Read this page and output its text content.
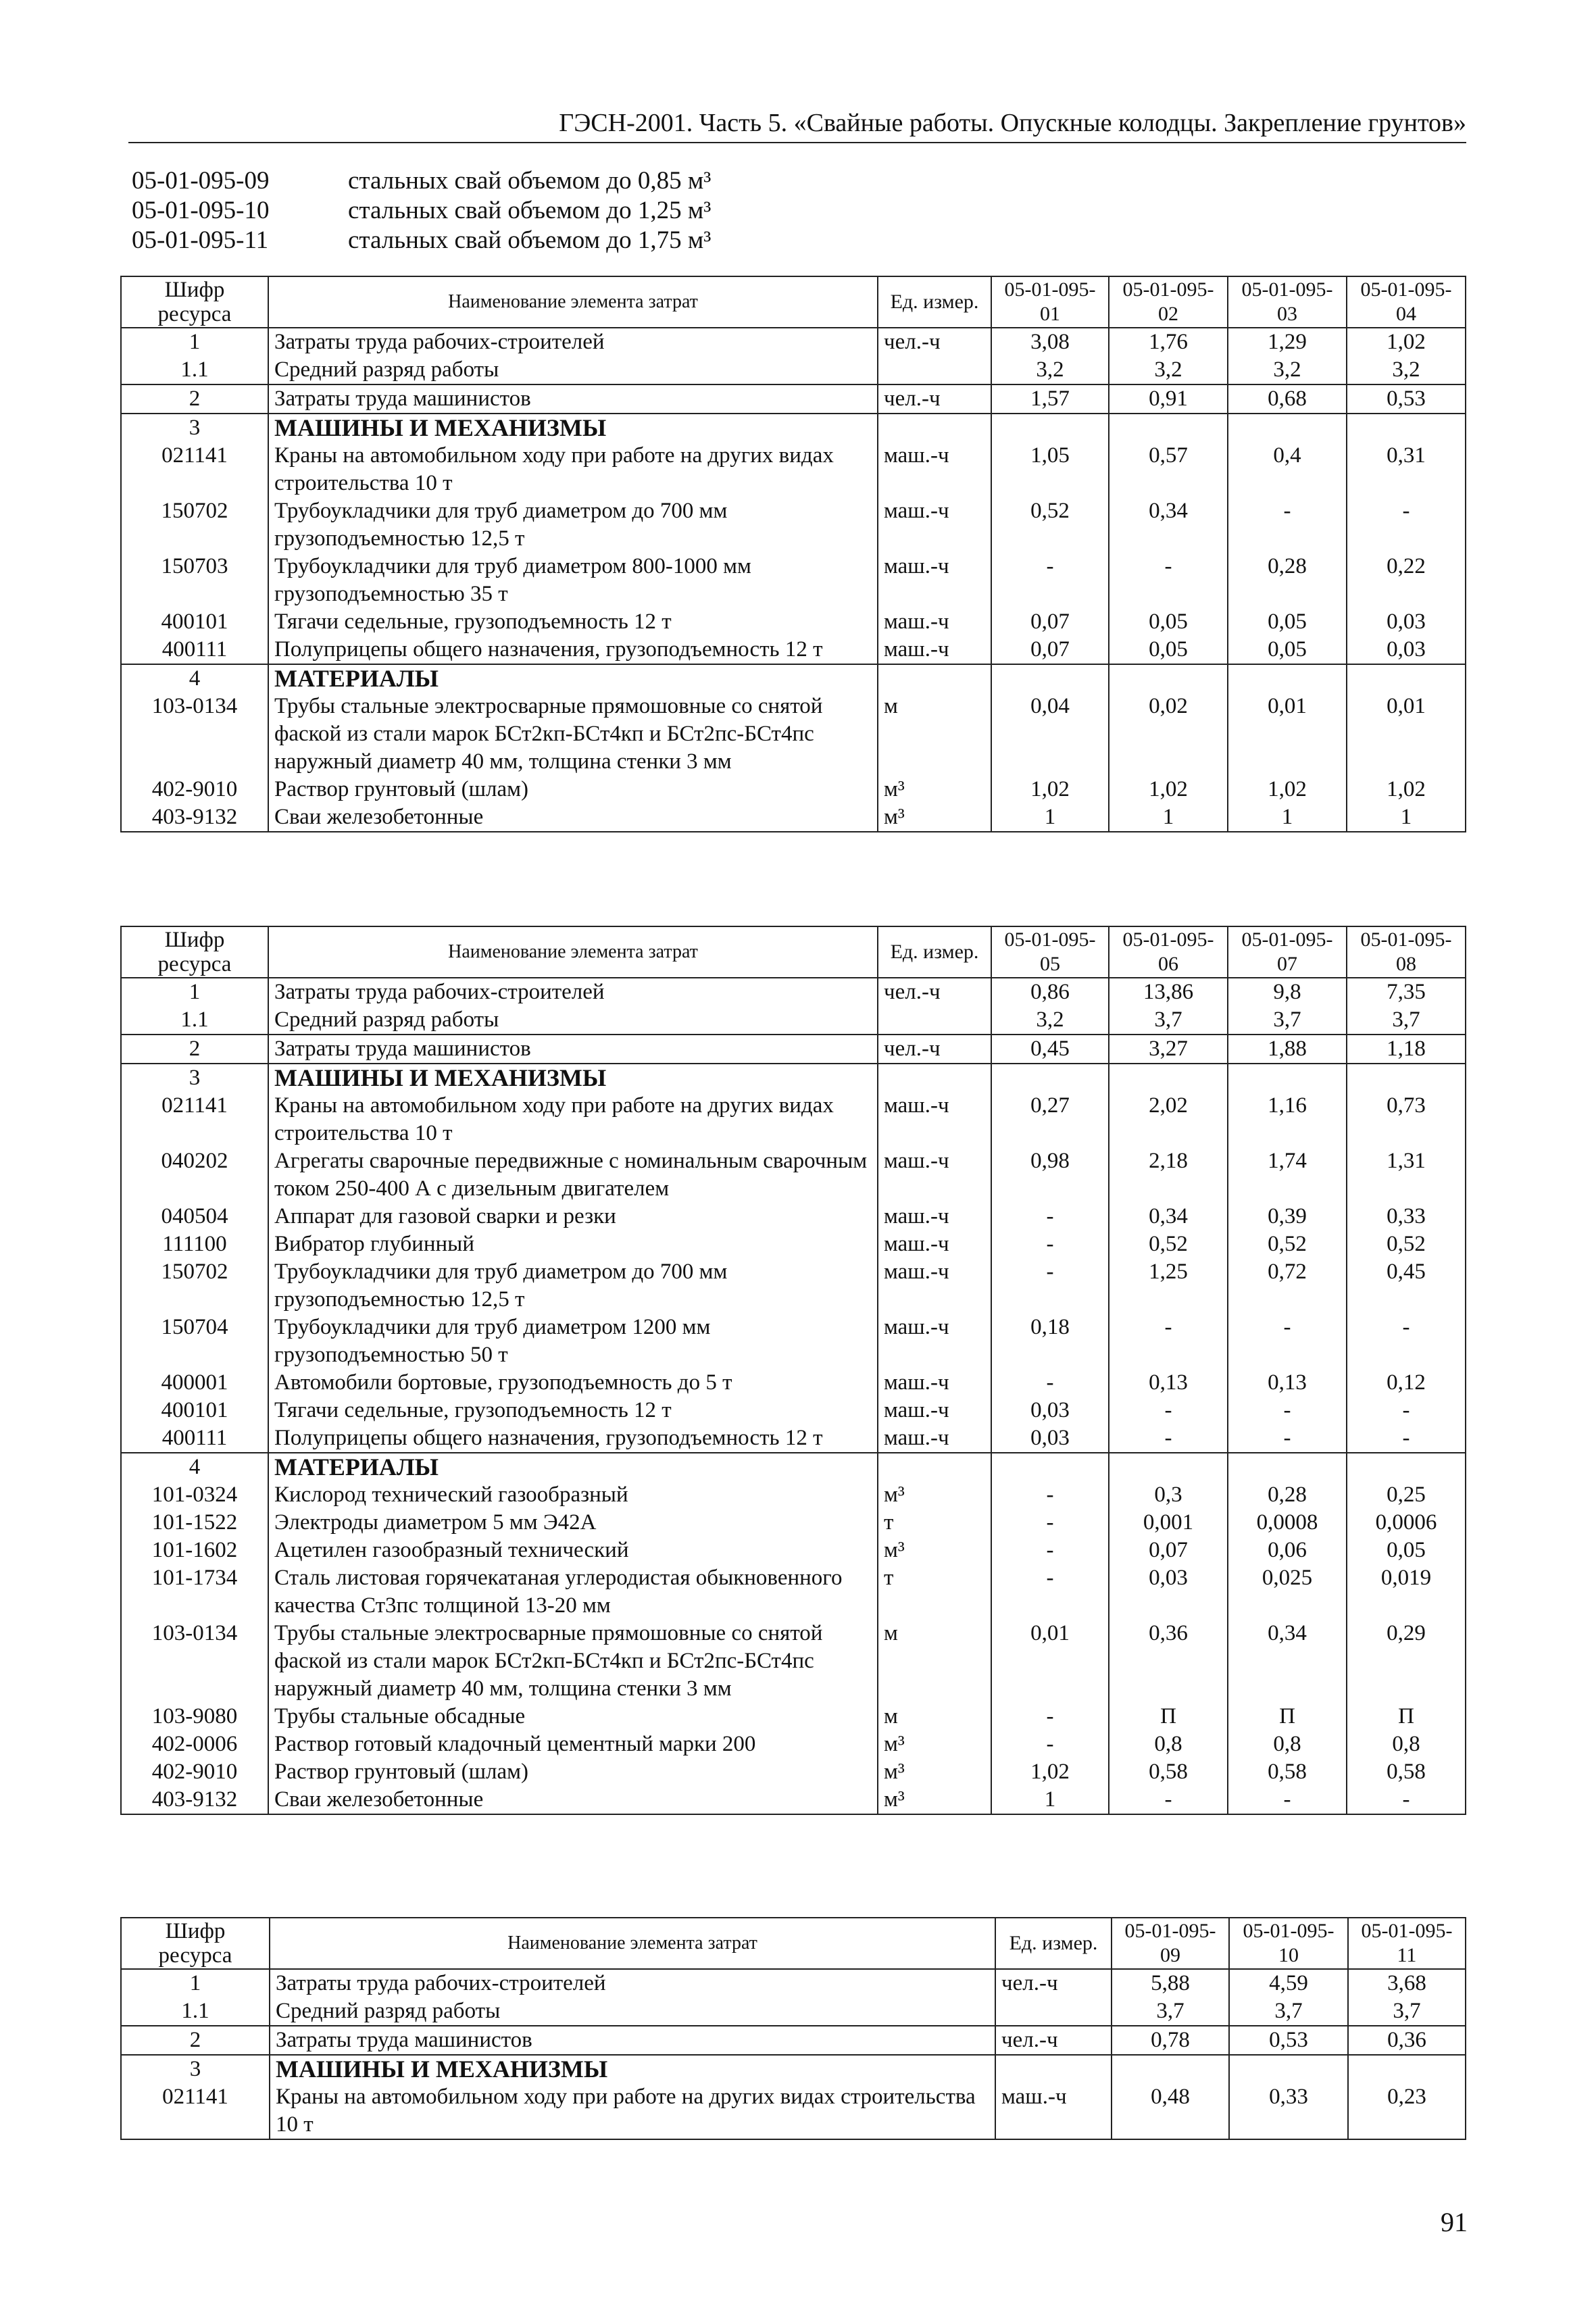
ГЭСН-2001. Часть 5. «Свайные работы. Опускные колодцы. Закрепление грунтов»
05-01-095-09	стальных свай объемом до 0,85 м³
05-01-095-10	стальных свай объемом до 1,25 м³
05-01-095-11	стальных свай объемом до 1,75 м³
Шифр ресурса	Наименование элемента затрат	Ед. измер.	05-01-095-01	05-01-095-02	05-01-095-03	05-01-095-04
1	Затраты труда рабочих-строителей	чел.-ч	3,08	1,76	1,29	1,02
1.1	Средний разряд работы		3,2	3,2	3,2	3,2
2	Затраты труда машинистов	чел.-ч	1,57	0,91	0,68	0,53
3	МАШИНЫ И МЕХАНИЗМЫ					
021141	Краны на автомобильном ходу при работе на других видах строительства 10 т	маш.-ч	1,05	0,57	0,4	0,31
150702	Трубоукладчики для труб диаметром до 700 мм грузоподъемностью 12,5 т	маш.-ч	0,52	0,34	-	-
150703	Трубоукладчики для труб диаметром 800-1000 мм грузоподъемностью 35 т	маш.-ч	-	-	0,28	0,22
400101	Тягачи седельные, грузоподъемность 12 т	маш.-ч	0,07	0,05	0,05	0,03
400111	Полуприцепы общего назначения, грузоподъемность 12 т	маш.-ч	0,07	0,05	0,05	0,03
4	МАТЕРИАЛЫ					
103-0134	Трубы стальные электросварные прямошовные со снятой фаской из стали марок БСт2кп-БСт4кп и БСт2пс-БСт4пс наружный диаметр 40 мм, толщина стенки 3 мм	м	0,04	0,02	0,01	0,01
402-9010	Раствор грунтовый (шлам)	м³	1,02	1,02	1,02	1,02
403-9132	Сваи железобетонные	м³	1	1	1	1
Шифр ресурса	Наименование элемента затрат	Ед. измер.	05-01-095-05	05-01-095-06	05-01-095-07	05-01-095-08
1	Затраты труда рабочих-строителей	чел.-ч	0,86	13,86	9,8	7,35
1.1	Средний разряд работы		3,2	3,7	3,7	3,7
2	Затраты труда машинистов	чел.-ч	0,45	3,27	1,88	1,18
3	МАШИНЫ И МЕХАНИЗМЫ					
021141	Краны на автомобильном ходу при работе на других видах строительства 10 т	маш.-ч	0,27	2,02	1,16	0,73
040202	Агрегаты сварочные передвижные с номинальным сварочным током 250-400 А с дизельным двигателем	маш.-ч	0,98	2,18	1,74	1,31
040504	Аппарат для газовой сварки и резки	маш.-ч	-	0,34	0,39	0,33
111100	Вибратор глубинный	маш.-ч	-	0,52	0,52	0,52
150702	Трубоукладчики для труб диаметром до 700 мм грузоподъемностью 12,5 т	маш.-ч	-	1,25	0,72	0,45
150704	Трубоукладчики для труб диаметром 1200 мм грузоподъемностью 50 т	маш.-ч	0,18	-	-	-
400001	Автомобили бортовые, грузоподъемность до 5 т	маш.-ч	-	0,13	0,13	0,12
400101	Тягачи седельные, грузоподъемность 12 т	маш.-ч	0,03	-	-	-
400111	Полуприцепы общего назначения, грузоподъемность 12 т	маш.-ч	0,03	-	-	-
4	МАТЕРИАЛЫ					
101-0324	Кислород технический газообразный	м³	-	0,3	0,28	0,25
101-1522	Электроды диаметром 5 мм Э42А	т	-	0,001	0,0008	0,0006
101-1602	Ацетилен газообразный технический	м³	-	0,07	0,06	0,05
101-1734	Сталь листовая горячекатаная углеродистая обыкновенного качества Ст3пс толщиной 13-20 мм	т	-	0,03	0,025	0,019
103-0134	Трубы стальные электросварные прямошовные со снятой фаской из стали марок БСт2кп-БСт4кп и БСт2пс-БСт4пс наружный диаметр 40 мм, толщина стенки 3 мм	м	0,01	0,36	0,34	0,29
103-9080	Трубы стальные обсадные	м	-	П	П	П
402-0006	Раствор готовый кладочный цементный марки 200	м³	-	0,8	0,8	0,8
402-9010	Раствор грунтовый (шлам)	м³	1,02	0,58	0,58	0,58
403-9132	Сваи железобетонные	м³	1	-	-	-
Шифр ресурса	Наименование элемента затрат	Ед. измер.	05-01-095-09	05-01-095-10	05-01-095-11
1	Затраты труда рабочих-строителей	чел.-ч	5,88	4,59	3,68
1.1	Средний разряд работы		3,7	3,7	3,7
2	Затраты труда машинистов	чел.-ч	0,78	0,53	0,36
3	МАШИНЫ И МЕХАНИЗМЫ				
021141	Краны на автомобильном ходу при работе на других видах строительства 10 т	маш.-ч	0,48	0,33	0,23
91
